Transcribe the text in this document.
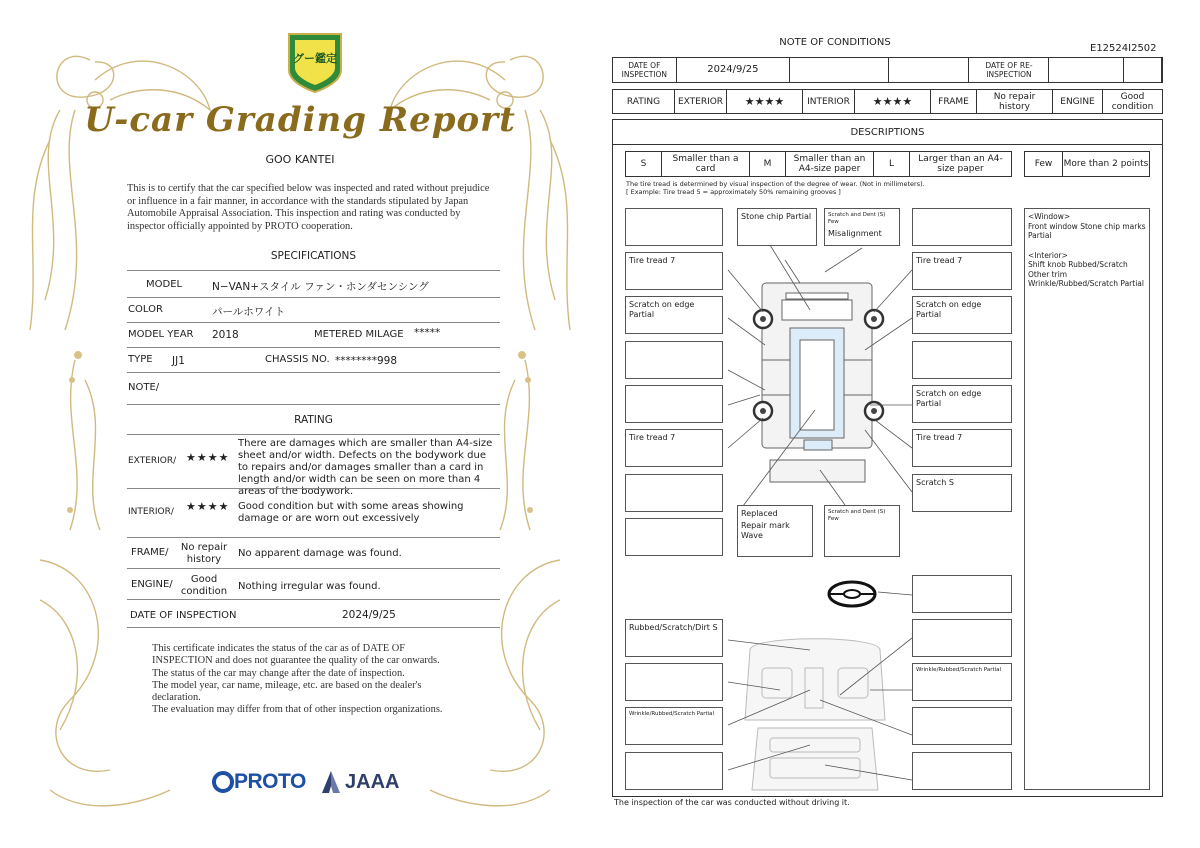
グー鑑定
U-car Grading Report
GOO KANTEI
This is to certify that the car specified below was inspected and rated without prejudice or influence in a fair manner, in accordance with the standards stipulated by Japan Automobile Appraisal Association. This inspection and rating was conducted by inspector officially appointed by PROTO cooperation.
SPECIFICATIONS
MODEL	N−VAN+スタイル ファン・ホンダセンシング
COLOR	パールホワイト
MODEL YEAR 2018	METERED MILAGE *****
TYPE JJ1	CHASSIS NO. ********998
NOTE/
RATING
EXTERIOR/ ★★★★
There are damages which are smaller than A4-size sheet and/or width. Defects on the bodywork due to repairs and/or damages smaller than a card in length and/or width can be seen on more than 4 areas of the bodywork.
INTERIOR/ ★★★★ Good condition but with some areas showing damage or are worn out excessively
FRAME/	No repair history
No apparent damage was found.
ENGINE/	Good condition	Nothing irregular was found.
DATE OF INSPECTION	2024/9/25
This certificate indicates the status of the car as of DATE OF
INSPECTION and does not guarantee the quality of the car onwards.
The status of the car may change after the date of inspection.
The model year, car name, mileage, etc. are based on the dealer's
declaration.
The evaluation may differ from that of other inspection organizations.
PROTO JAAA
NOTE OF CONDITIONS
E12524I2502
DATE OF INSPECTION	2024/9/25	DATE OF RE-INSPECTION
RATING	EXTERIOR	★★★★	INTERIOR	★★★★	FRAME	No repair history	ENGINE	Good condition
DESCRIPTIONS
S	Smaller than a card	M	Smaller than an A4-size paper	L	Larger than an A4-size paper	Few	More than 2 points
The tire tread is determined by visual inspection of the degree of wear. (Not in millimeters).
[ Example: Tire tread 5 = approximately 50% remaining grooves ]
Tire tread 7
Scratch on edge Partial
Tire tread 7
Rubbed/Scratch/Dirt S
Wrinkle/Rubbed/Scratch Partial
Stone chip Partial	Scratch and Dent (S) Few
Misalignment
Replaced
Repair mark Wave
Scratch and Dent (S) Few
Tire tread 7
Scratch on edge Partial
Scratch on edge Partial
Tire tread 7
Scratch S
Wrinkle/Rubbed/Scratch Partial
<Window>
Front window Stone chip marks Partial
<Interior>
Shift knob Rubbed/Scratch
Other trim
Wrinkle/Rubbed/Scratch Partial
The inspection of the car was conducted without driving it.
